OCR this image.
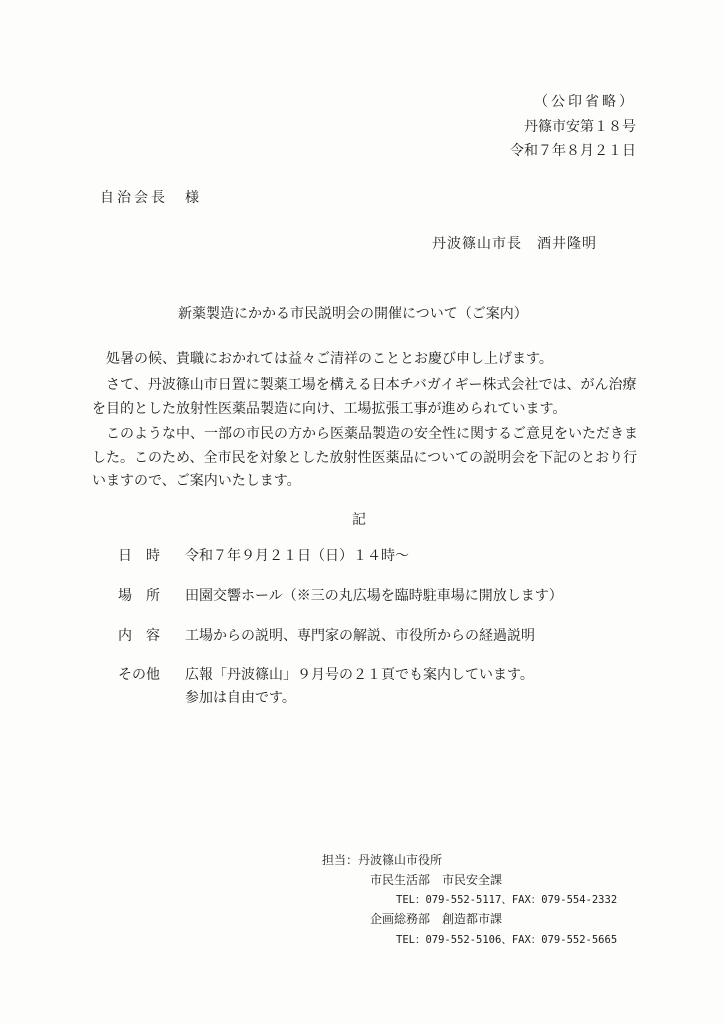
（公印省略）
丹篠市安第１８号
令和７年８月２１日
自治会長　様
丹波篠山市長　酒井隆明
新薬製造にかかる市民説明会の開催について（ご案内）
処暑の候、貴職におかれては益々ご清祥のこととお慶び申し上げます。
さて、丹波篠山市日置に製薬工場を構える日本チバガイギー株式会社では、がん治療を目的とした放射性医薬品製造に向け、工場拡張工事が進められています。
このような中、一部の市民の方から医薬品製造の安全性に関するご意見をいただきました。このため、全市民を対象とした放射性医薬品についての説明会を下記のとおり行いますので、ご案内いたします。
記
日時 令和７年９月２１日（日）１４時～
場所 田園交響ホール（※三の丸広場を臨時駐車場に開放します）
内容 工場からの説明、専門家の解説、市役所からの経過説明
その他 広報「丹波篠山」９月号の２１頁でも案内しています。
参加は自由です。
担当：丹波篠山市役所
市民生活部　市民安全課
TEL：079-552-5117、FAX：079-554-2332
企画総務部　創造都市課
TEL：079-552-5106、FAX：079-552-5665
